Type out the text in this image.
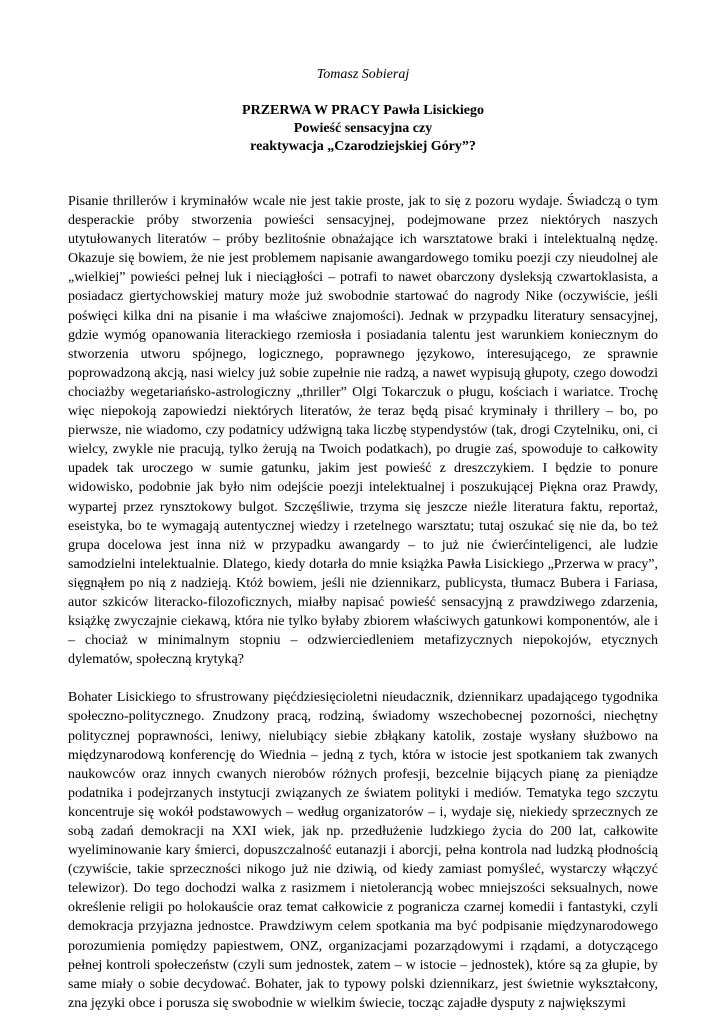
Tomasz Sobieraj
PRZERWA W PRACY Pawła Lisickiego
Powieść sensacyjna czy
reaktywacja „Czarodziejskiej Góry”?

Pisanie thrillerów i kryminałów wcale nie jest takie proste, jak to się z pozoru wydaje. Świadczą o tym desperackie próby stworzenia powieści sensacyjnej, podejmowane przez niektórych naszych utytułowanych literatów – próby bezlitośnie obnażające ich warsztatowe braki i intelektualną nędzę. Okazuje się bowiem, że nie jest problemem napisanie awangardowego tomiku poezji czy nieudolnej ale „wielkiej” powieści pełnej luk i nieciągłości – potrafi to nawet obarczony dysleksją czwartoklasista, a posiadacz giertychowskiej matury może już swobodnie startować do nagrody Nike (oczywiście, jeśli poświęci kilka dni na pisanie i ma właściwe znajomości). Jednak w przypadku literatury sensacyjnej, gdzie wymóg opanowania literackiego rzemiosła i posiadania talentu jest warunkiem koniecznym do stworzenia utworu spójnego, logicznego, poprawnego językowo, interesującego, ze sprawnie poprowadzoną akcją, nasi wielcy już sobie zupełnie nie radzą, a nawet wypisują głupoty, czego dowodzi chociażby wegetariańsko-astrologiczny „thriller” Olgi Tokarczuk o pługu, kościach i wariatce. Trochę więc niepokoją zapowiedzi niektórych literatów, że teraz będą pisać kryminały i thrillery – bo, po pierwsze, nie wiadomo, czy podatnicy udźwigną taka liczbę stypendystów (tak, drogi Czytelniku, oni, ci wielcy, zwykle nie pracują, tylko żerują na Twoich podatkach), po drugie zaś, spowoduje to całkowity upadek tak uroczego w sumie gatunku, jakim jest powieść z dreszczykiem. I będzie to ponure widowisko, podobnie jak było nim odejście poezji intelektualnej i poszukującej Piękna oraz Prawdy, wypartej przez rynsztokowy bulgot. Szczęśliwie, trzyma się jeszcze nieźle literatura faktu, reportaż, eseistyka, bo te wymagają autentycznej wiedzy i rzetelnego warsztatu; tutaj oszukać się nie da, bo też grupa docelowa jest inna niż w przypadku awangardy – to już nie ćwierćinteligenci, ale ludzie samodzielni intelektualnie. Dlatego, kiedy dotarła do mnie książka Pawła Lisickiego „Przerwa w pracy”, sięgnąłem po nią z nadzieją. Któż bowiem, jeśli nie dziennikarz, publicysta, tłumacz Bubera i Fariasa, autor szkiców literacko-filozoficznych, miałby napisać powieść sensacyjną z prawdziwego zdarzenia, książkę zwyczajnie ciekawą, która nie tylko byłaby zbiorem właściwych gatunkowi komponentów, ale i – chociaż w minimalnym stopniu – odzwierciedleniem metafizycznych niepokojów, etycznych dylematów, społeczną krytyką?

Bohater Lisickiego to sfrustrowany pięćdziesięcioletni nieudacznik, dziennikarz upadającego tygodnika społeczno-politycznego. Znudzony pracą, rodziną, świadomy wszechobecnej pozorności, niechętny politycznej poprawności, leniwy, nielubiący siebie zbłąkany katolik, zostaje wysłany służbowo na międzynarodową konferencję do Wiednia – jedną z tych, która w istocie jest spotkaniem tak zwanych naukowców oraz innych cwanych nierobów różnych profesji, bezcelnie bijących pianę za pieniądze podatnika i podejrzanych instytucji związanych ze światem polityki i mediów. Tematyka tego szczytu koncentruje się wokół podstawowych – według organizatorów – i, wydaje się, niekiedy sprzecznych ze sobą zadań demokracji na XXI wiek, jak np. przedłużenie ludzkiego życia do 200 lat, całkowite wyeliminowanie kary śmierci, dopuszczalność eutanazji i aborcji, pełna kontrola nad ludzką płodnością (czywiście, takie sprzeczności nikogo już nie dziwią, od kiedy zamiast pomyśleć, wystarczy włączyć telewizor). Do tego dochodzi walka z rasizmem i nietolerancją wobec mniejszości seksualnych, nowe określenie religii po holokauście oraz temat całkowicie z pogranicza czarnej komedii i fantastyki, czyli demokracja przyjazna jednostce. Prawdziwym celem spotkania ma być podpisanie międzynarodowego porozumienia pomiędzy papiestwem, ONZ, organizacjami pozarządowymi i rządami, a dotyczącego pełnej kontroli społeczeństw (czyli sum jednostek, zatem – w istocie – jednostek), które są za głupie, by same miały o sobie decydować. Bohater, jak to typowy polski dziennikarz, jest świetnie wykształcony, zna języki obce i porusza się swobodnie w wielkim świecie, tocząc zajadłe dysputy z największymi
